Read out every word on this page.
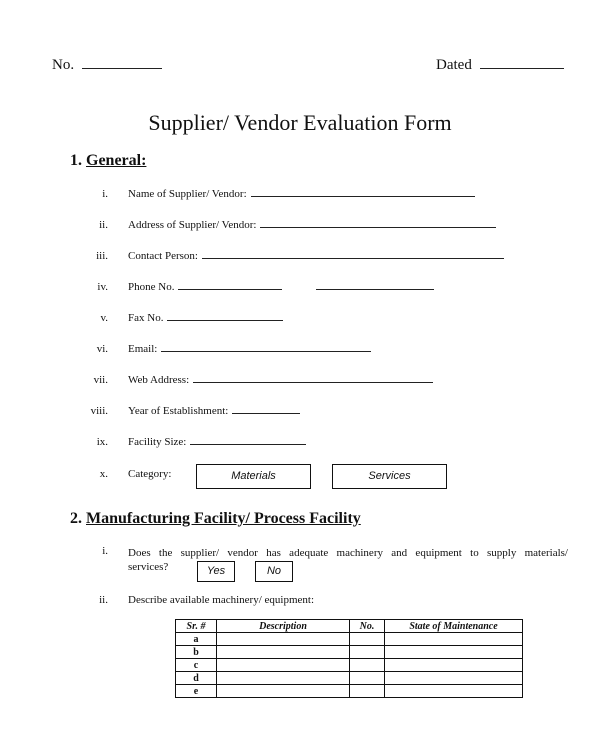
No.	Dated
Supplier/ Vendor Evaluation Form
1. General:
i. Name of Supplier/ Vendor:
ii. Address of Supplier/ Vendor:
iii. Contact Person:
iv. Phone No.
v. Fax No.
vi. Email:
vii. Web Address:
viii. Year of Establishment:
ix. Facility Size:
x. Category:	Materials	Services
2. Manufacturing Facility/ Process Facility
i. Does the supplier/ vendor has adequate machinery and equipment to supply materials/
services?	Yes	No
ii. Describe available machinery/ equipment:
Sr. #	Description	No.	State of Maintenance
a			
b			
c			
d			
e			
